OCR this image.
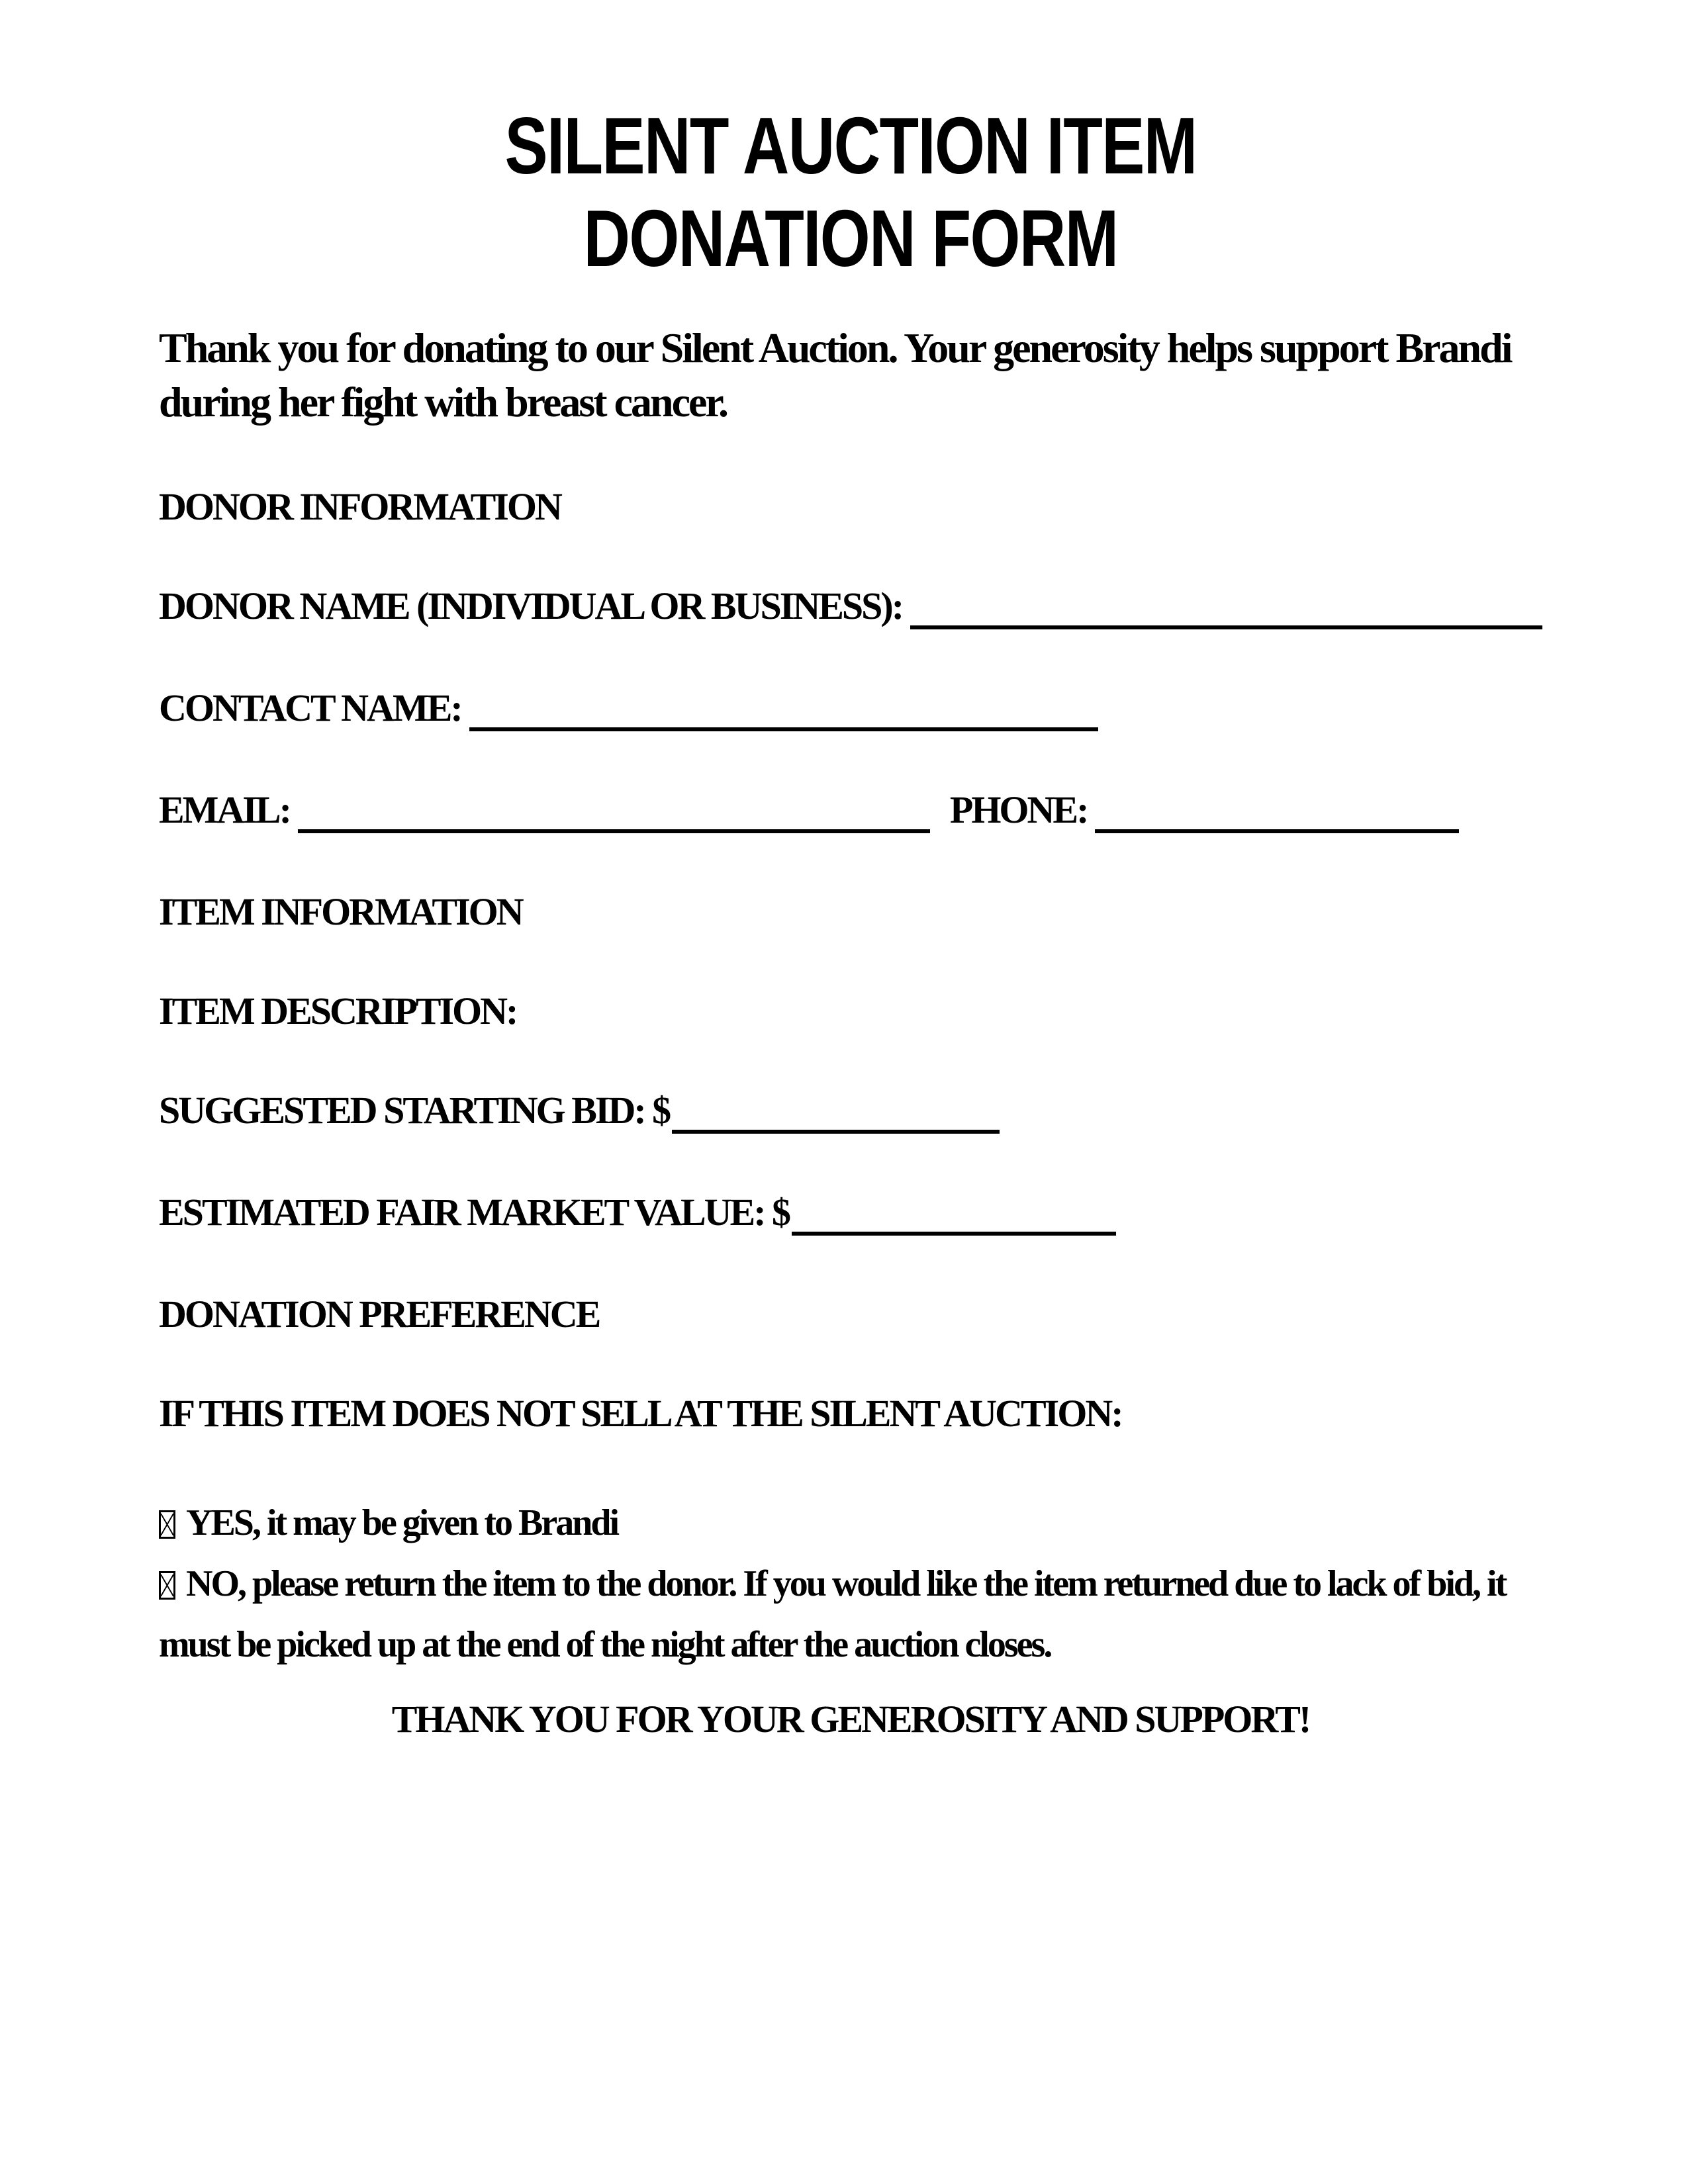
SILENT AUCTION ITEM
DONATION FORM

Thank you for donating to our Silent Auction. Your generosity helps support Brandi during her fight with breast cancer.

DONOR INFORMATION
DONOR NAME (INDIVIDUAL OR BUSINESS):
CONTACT NAME:
EMAIL:	PHONE:
ITEM INFORMATION
ITEM DESCRIPTION:
SUGGESTED STARTING BID: $
ESTIMATED FAIR MARKET VALUE: $
DONATION PREFERENCE
IF THIS ITEM DOES NOT SELL AT THE SILENT AUCTION:
YES, it may be given to Brandi
NO, please return the item to the donor. If you would like the item returned due to lack of bid, it must be picked up at the end of the night after the auction closes.
THANK YOU FOR YOUR GENEROSITY AND SUPPORT!
